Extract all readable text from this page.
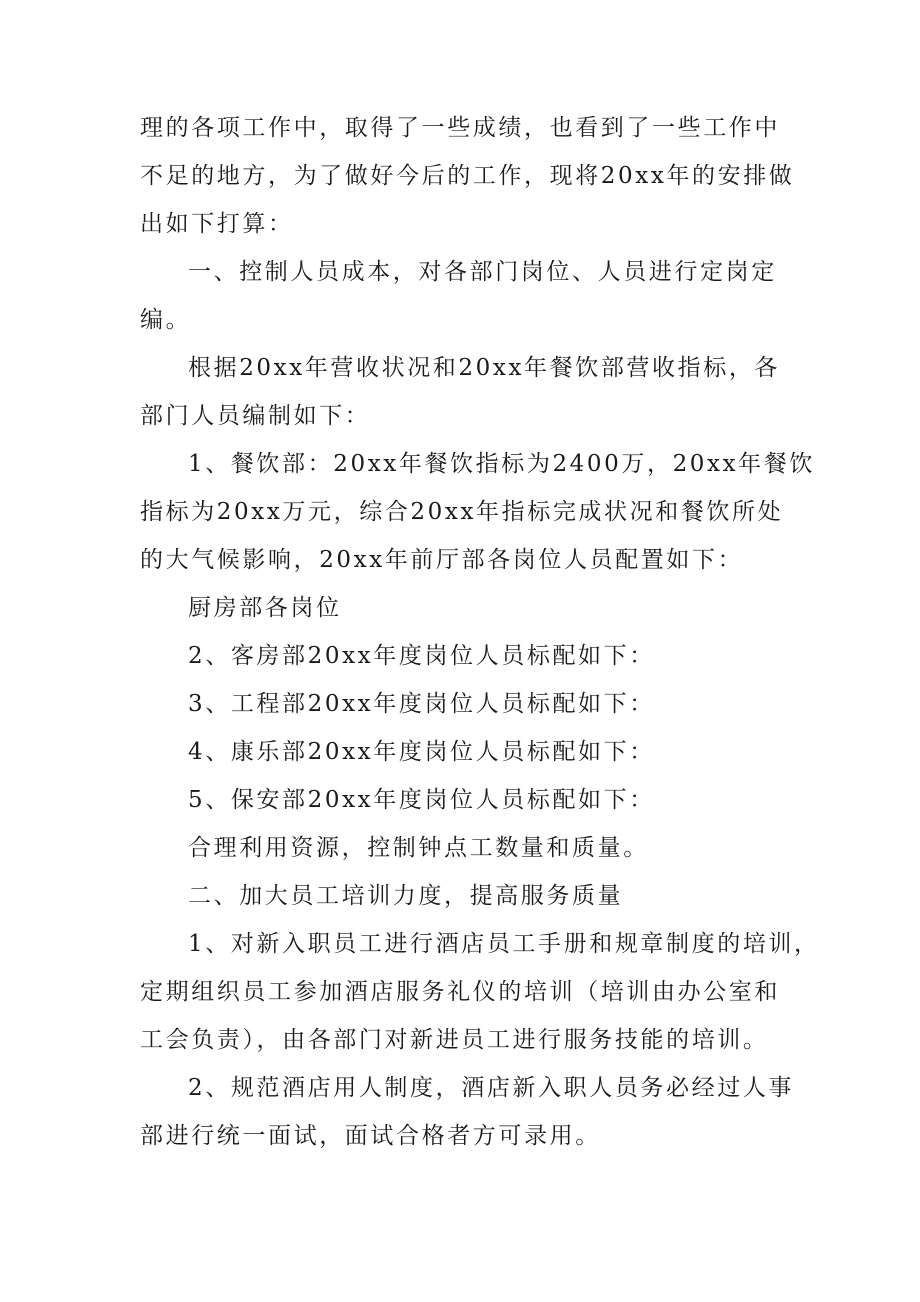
理的各项工作中，取得了一些成绩，也看到了一些工作中
不足的地方，为了做好今后的工作，现将20xx年的安排做
出如下打算：
一、控制人员成本，对各部门岗位、人员进行定岗定
编。
根据20xx年营收状况和20xx年餐饮部营收指标，各
部门人员编制如下：
1、餐饮部：20xx年餐饮指标为2400万，20xx年餐饮
指标为20xx万元，综合20xx年指标完成状况和餐饮所处
的大气候影响，20xx年前厅部各岗位人员配置如下：
厨房部各岗位
2、客房部20xx年度岗位人员标配如下：
3、工程部20xx年度岗位人员标配如下：
4、康乐部20xx年度岗位人员标配如下：
5、保安部20xx年度岗位人员标配如下：
合理利用资源，控制钟点工数量和质量。
二、加大员工培训力度，提高服务质量
1、对新入职员工进行酒店员工手册和规章制度的培训，
定期组织员工参加酒店服务礼仪的培训（培训由办公室和
工会负责），由各部门对新进员工进行服务技能的培训。
2、规范酒店用人制度，酒店新入职人员务必经过人事
部进行统一面试，面试合格者方可录用。
